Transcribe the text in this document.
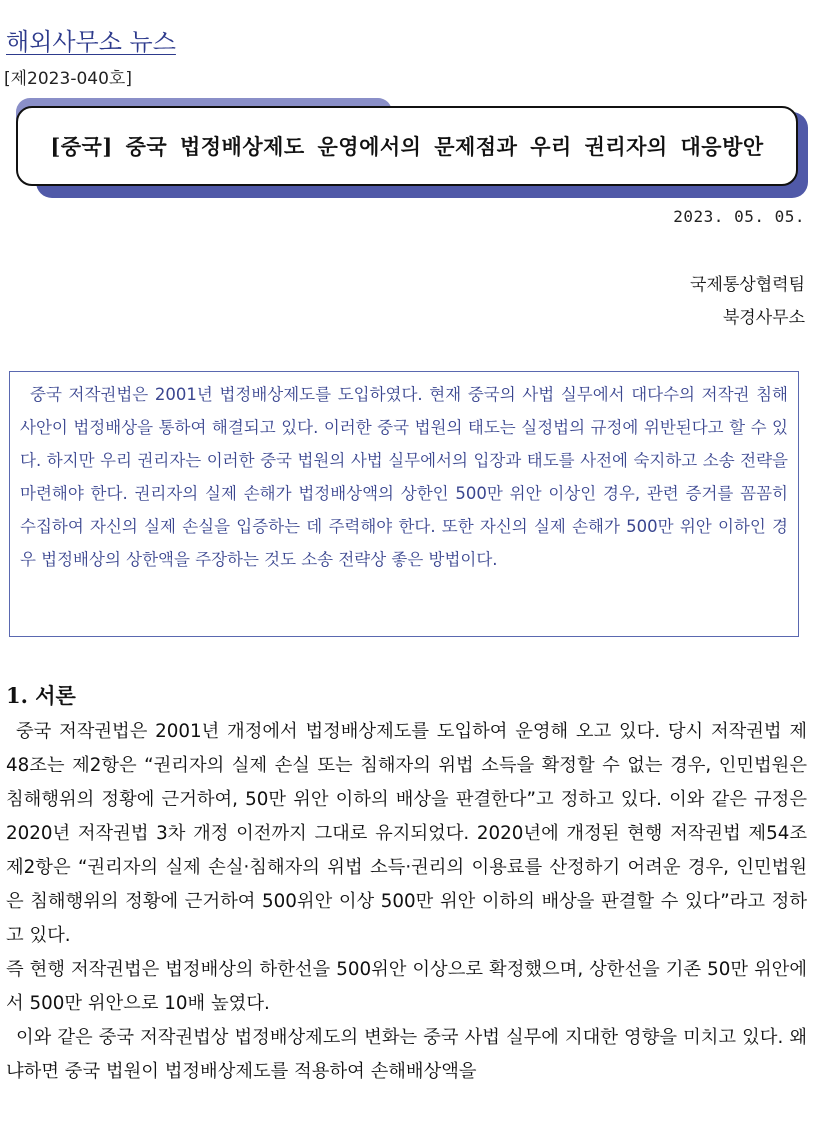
해외사무소 뉴스
[제2023-040호]
[중국] 중국 법정배상제도 운영에서의 문제점과 우리 권리자의 대응방안
2023. 05. 05.
국제통상협력팀
북경사무소

중국 저작권법은 2001년 법정배상제도를 도입하였다. 현재 중국의 사법 실무에서 대다수의 저작권 침해 사안이 법정배상을 통하여 해결되고 있다. 이러한 중국 법원의 태도는 실정법의 규정에 위반된다고 할 수 있다. 하지만 우리 권리자는 이러한 중국 법원의 사법 실무에서의 입장과 태도를 사전에 숙지하고 소송 전략을 마련해야 한다. 권리자의 실제 손해가 법정배상액의 상한인 500만 위안 이상인 경우, 관련 증거를 꼼꼼히 수집하여 자신의 실제 손실을 입증하는 데 주력해야 한다. 또한 자신의 실제 손해가 500만 위안 이하인 경우 법정배상의 상한액을 주장하는 것도 소송 전략상 좋은 방법이다.

1. 서론

중국 저작권법은 2001년 개정에서 법정배상제도를 도입하여 운영해 오고 있다. 당시 저작권법 제48조는 제2항은 “권리자의 실제 손실 또는 침해자의 위법 소득을 확정할 수 없는 경우, 인민법원은 침해행위의 정황에 근거하여, 50만 위안 이하의 배상을 판결한다”고 정하고 있다. 이와 같은 규정은 2020년 저작권법 3차 개정 이전까지 그대로 유지되었다. 2020년에 개정된 현행 저작권법 제54조 제2항은 “권리자의 실제 손실·침해자의 위법 소득·권리의 이용료를 산정하기 어려운 경우, 인민법원은 침해행위의 정황에 근거하여 500위안 이상 500만 위안 이하의 배상을 판결할 수 있다”라고 정하고 있다.

즉 현행 저작권법은 법정배상의 하한선을 500위안 이상으로 확정했으며, 상한선을 기존 50만 위안에서 500만 위안으로 10배 높였다.

이와 같은 중국 저작권법상 법정배상제도의 변화는 중국 사법 실무에 지대한 영향을 미치고 있다. 왜냐하면 중국 법원이 법정배상제도를 적용하여 손해배상액을
